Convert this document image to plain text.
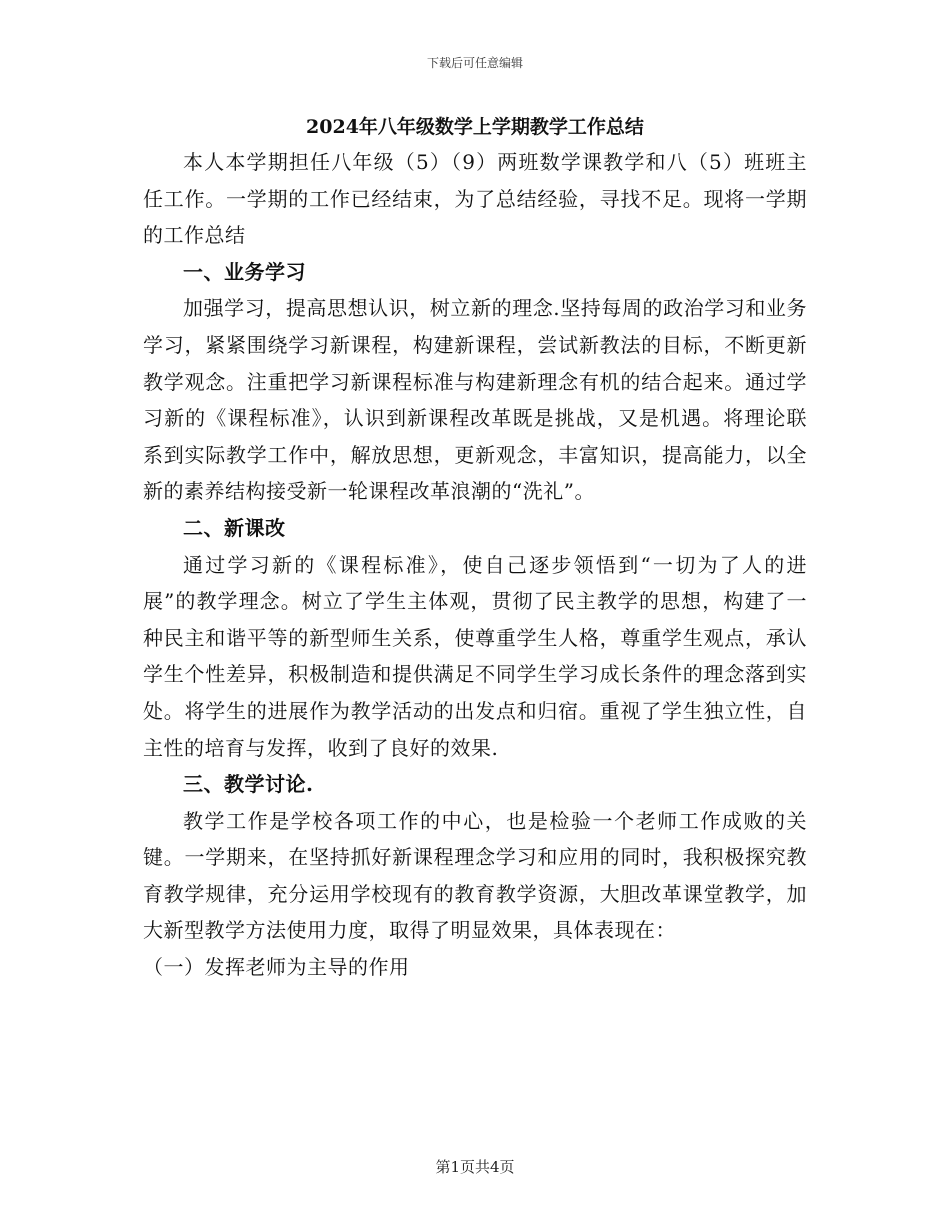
下载后可任意编辑
2024年八年级数学上学期教学工作总结

本人本学期担任八年级（5）（9）两班数学课教学和八（5）班班主任工作。一学期的工作已经结束，为了总结经验，寻找不足。现将一学期的工作总结

一、业务学习

加强学习，提高思想认识，树立新的理念.坚持每周的政治学习和业务学习，紧紧围绕学习新课程，构建新课程，尝试新教法的目标，不断更新教学观念。注重把学习新课程标准与构建新理念有机的结合起来。通过学习新的《课程标准》，认识到新课程改革既是挑战，又是机遇。将理论联系到实际教学工作中，解放思想，更新观念，丰富知识，提高能力，以全新的素养结构接受新一轮课程改革浪潮的“洗礼”。

二、新课改

通过学习新的《课程标准》，使自己逐步领悟到“一切为了人的进展”的教学理念。树立了学生主体观，贯彻了民主教学的思想，构建了一种民主和谐平等的新型师生关系，使尊重学生人格，尊重学生观点，承认学生个性差异，积极制造和提供满足不同学生学习成长条件的理念落到实处。将学生的进展作为教学活动的出发点和归宿。重视了学生独立性，自主性的培育与发挥，收到了良好的效果.

三、教学讨论.

教学工作是学校各项工作的中心，也是检验一个老师工作成败的关键。一学期来，在坚持抓好新课程理念学习和应用的同时，我积极探究教育教学规律，充分运用学校现有的教育教学资源，大胆改革课堂教学，加大新型教学方法使用力度，取得了明显效果，具体表现在：

（一）发挥老师为主导的作用

第1页共4页
